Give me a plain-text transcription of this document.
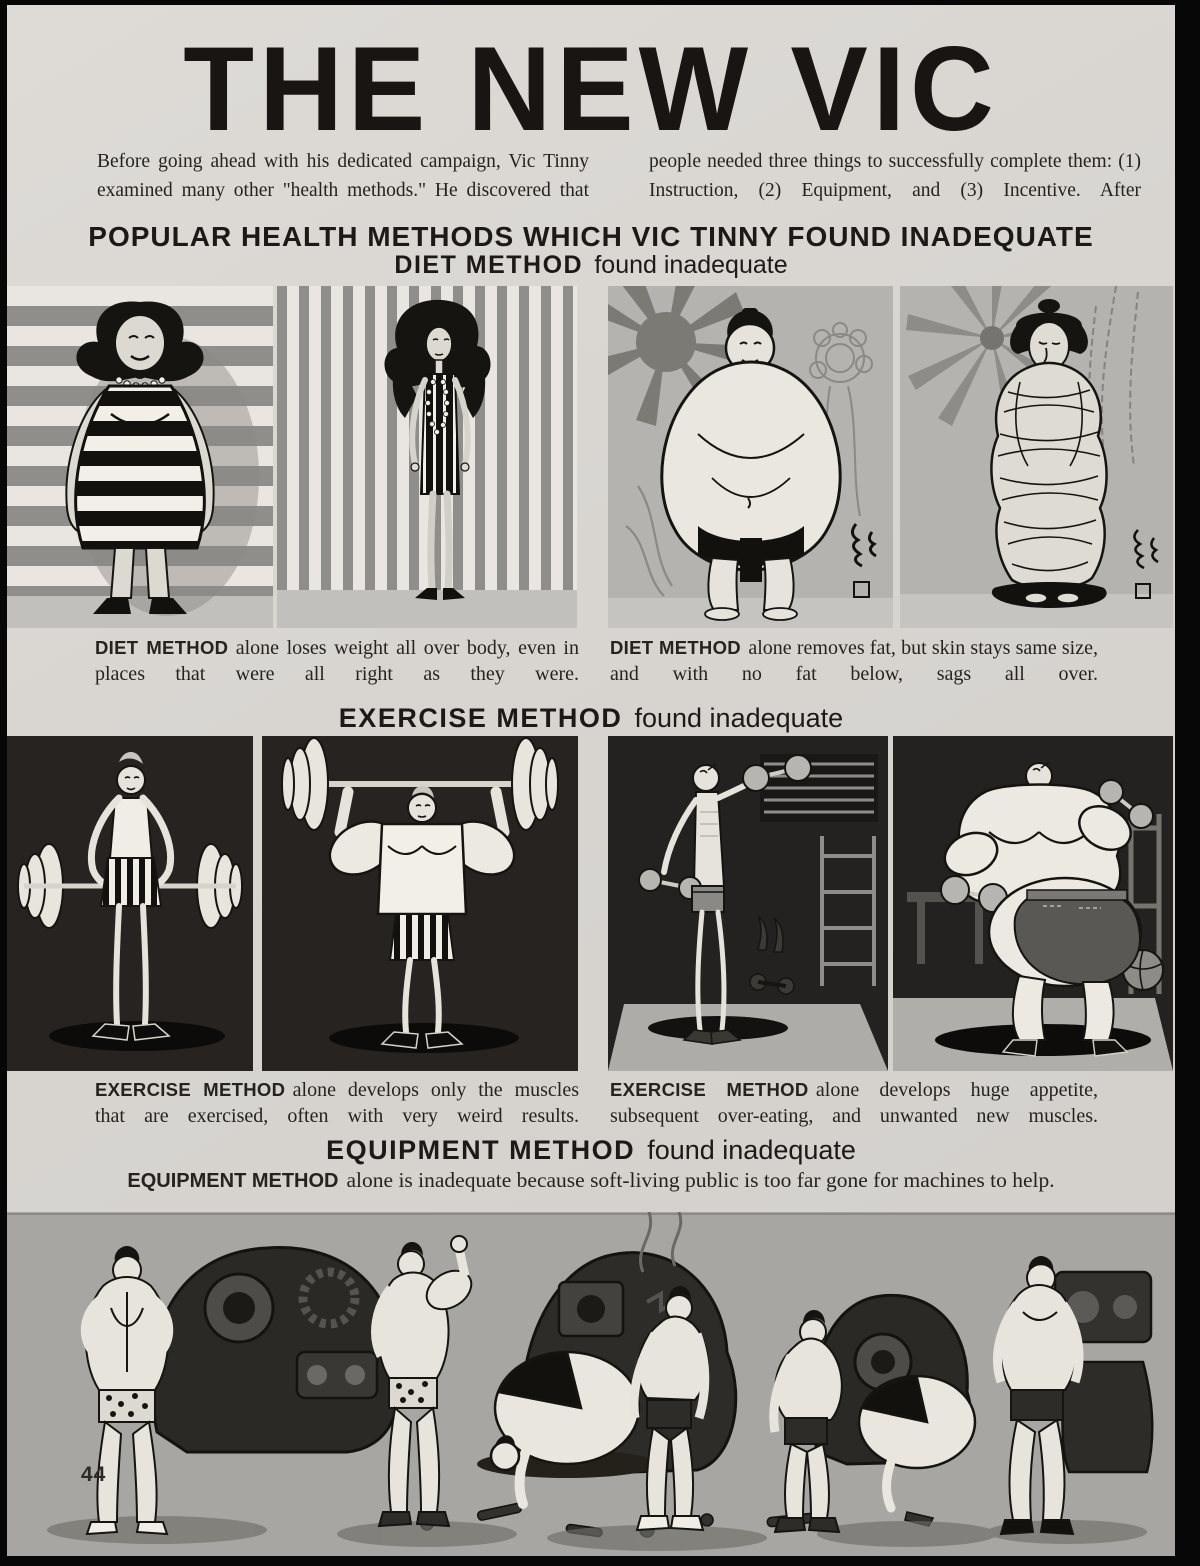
THE NEW VIC
Before going ahead with his dedicated campaign, Vic Tinny examined many other "health methods." He discovered that
people needed three things to successfully complete them: (1) Instruction, (2) Equipment, and (3) Incentive. After
POPULAR HEALTH METHODS WHICH VIC TINNY FOUND INADEQUATE
DIET METHOD found inadequate
DIET METHOD alone loses weight all over body, even in places that were all right as they were.
DIET METHOD alone removes fat, but skin stays same size, and with no fat below, sags all over.
EXERCISE METHOD found inadequate
EXERCISE METHOD alone develops only the muscles that are exercised, often with very weird results.
EXERCISE METHOD alone develops huge appetite, subsequent over-eating, and unwanted new muscles.
EQUIPMENT METHOD found inadequate
EQUIPMENT METHOD alone is inadequate because soft-living public is too far gone for machines to help.
44
